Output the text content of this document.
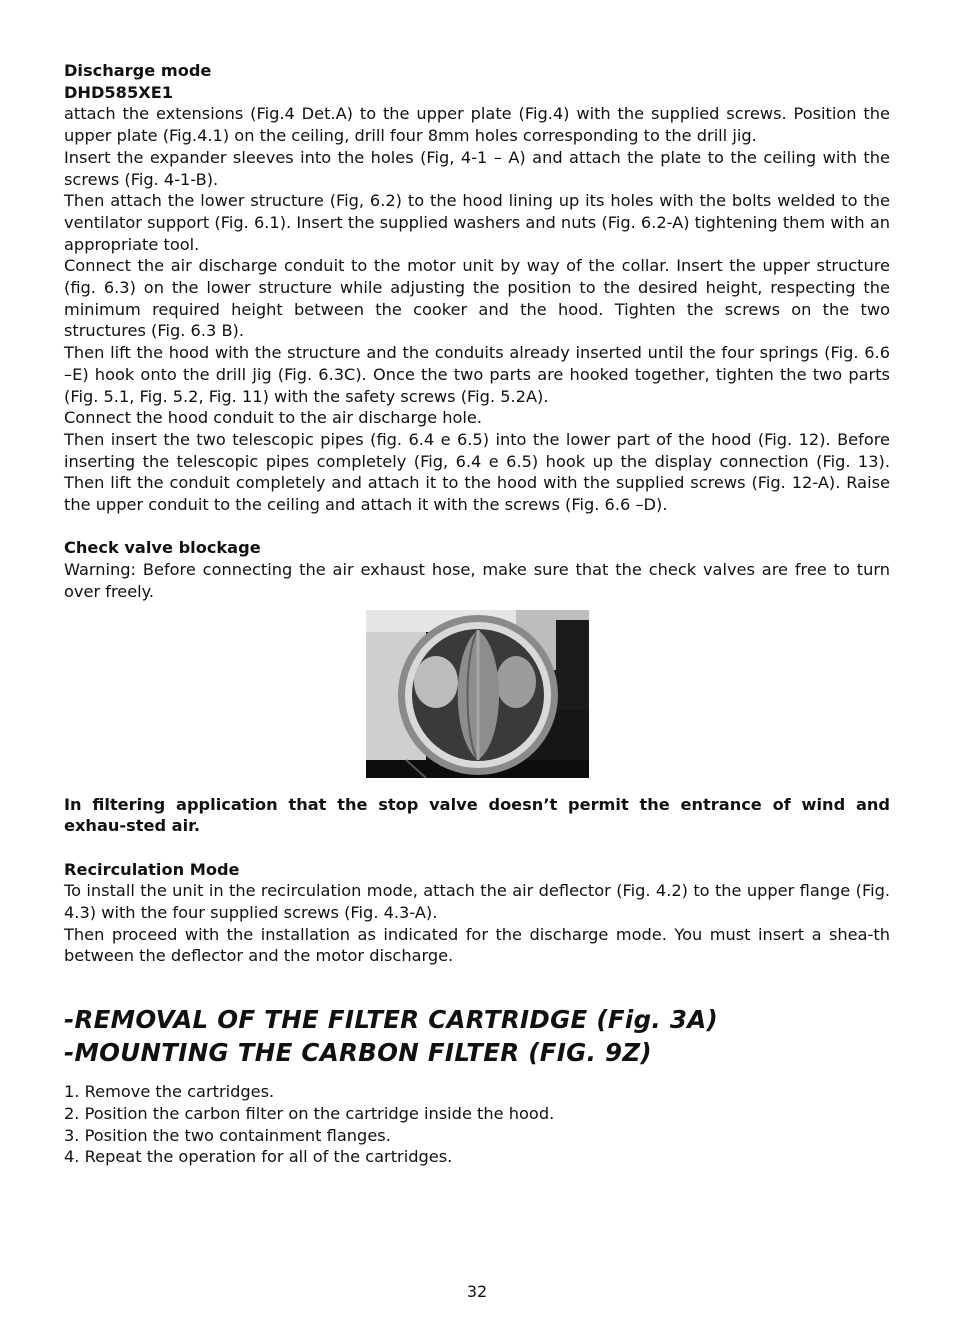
Discharge mode

DHD585XE1

attach the extensions (Fig.4 Det.A) to the upper plate (Fig.4) with the supplied screws. Position the upper plate (Fig.4.1) on the ceiling, drill four 8mm holes corresponding to the drill jig.

Insert the expander sleeves into the holes (Fig, 4-1 – A) and attach the plate to the ceiling with the screws (Fig. 4-1-B).

Then attach the lower structure (Fig, 6.2) to the hood lining up its holes with the bolts welded to the ventilator support (Fig. 6.1). Insert the supplied washers and nuts (Fig. 6.2-A) tightening them with an appropriate tool.

Connect the air discharge conduit to the motor unit by way of the collar. Insert the upper structure (fig. 6.3) on the lower structure while adjusting the position to the desired height, respecting the minimum required height between the cooker and the hood. Tighten the screws on the two structures (Fig. 6.3 B).

Then lift the hood with the structure and the conduits already inserted until the four springs (Fig. 6.6 –E) hook onto the drill jig (Fig. 6.3C). Once the two parts are hooked together, tighten the two parts (Fig. 5.1, Fig. 5.2, Fig. 11) with the safety screws (Fig. 5.2A).

Connect the hood conduit to the air discharge hole.

Then insert the two telescopic pipes (fig. 6.4 e 6.5) into the lower part of the hood (Fig. 12). Before inserting the telescopic pipes completely (Fig, 6.4 e 6.5) hook up the display connection (Fig. 13). Then lift the conduit completely and attach it to the hood with the supplied screws (Fig. 12-A). Raise the upper conduit to the ceiling and attach it with the screws (Fig. 6.6 –D).

Check valve blockage

Warning: Before connecting the air exhaust hose, make sure that the check valves are free to turn over freely.

In filtering application that the stop valve doesn’t permit the entrance of wind and exhau-sted air.

Recirculation Mode

To install the unit in the recirculation mode, attach the air deflector (Fig. 4.2) to the upper flange (Fig. 4.3) with the four supplied screws (Fig. 4.3-A).

Then proceed with the installation as indicated for the discharge mode. You must insert a shea-th between the deflector and the motor discharge.

-REMOVAL OF THE FILTER CARTRIDGE (Fig. 3A)

-MOUNTING THE CARBON FILTER (FIG. 9Z)

1. Remove the cartridges.
2. Position the carbon filter on the cartridge inside the hood.
3. Position the two containment flanges.
4. Repeat the operation for all of the cartridges.
32
